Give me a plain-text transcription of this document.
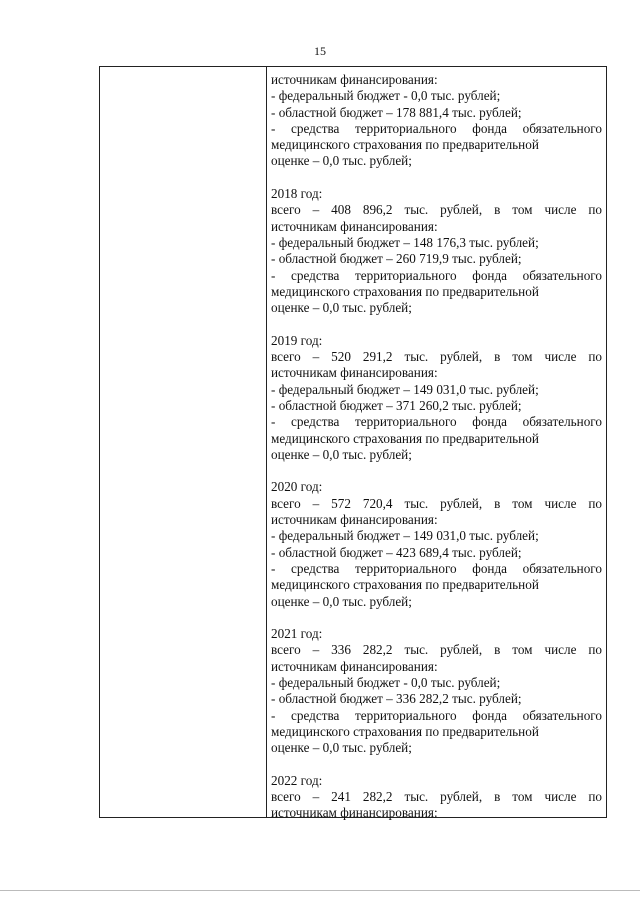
15
источникам финансирования:
- федеральный бюджет - 0,0 тыс. рублей;
- областной бюджет – 178 881,4 тыс. рублей;
- средства территориального фонда обязательного
медицинского страхования по предварительной
оценке – 0,0 тыс. рублей;
2018 год:
всего – 408 896,2 тыс. рублей, в том числе по
источникам финансирования:
- федеральный бюджет – 148 176,3 тыс. рублей;
- областной бюджет – 260 719,9 тыс. рублей;
- средства территориального фонда обязательного
медицинского страхования по предварительной
оценке – 0,0 тыс. рублей;
2019 год:
всего – 520 291,2 тыс. рублей, в том числе по
источникам финансирования:
- федеральный бюджет – 149 031,0 тыс. рублей;
- областной бюджет – 371 260,2 тыс. рублей;
- средства территориального фонда обязательного
медицинского страхования по предварительной
оценке – 0,0 тыс. рублей;
2020 год:
всего – 572 720,4 тыс. рублей, в том числе по
источникам финансирования:
- федеральный бюджет – 149 031,0 тыс. рублей;
- областной бюджет – 423 689,4 тыс. рублей;
- средства территориального фонда обязательного
медицинского страхования по предварительной
оценке – 0,0 тыс. рублей;
2021 год:
всего – 336 282,2 тыс. рублей, в том числе по
источникам финансирования:
- федеральный бюджет - 0,0 тыс. рублей;
- областной бюджет – 336 282,2 тыс. рублей;
- средства территориального фонда обязательного
медицинского страхования по предварительной
оценке – 0,0 тыс. рублей;
2022 год:
всего – 241 282,2 тыс. рублей, в том числе по
источникам финансирования:
